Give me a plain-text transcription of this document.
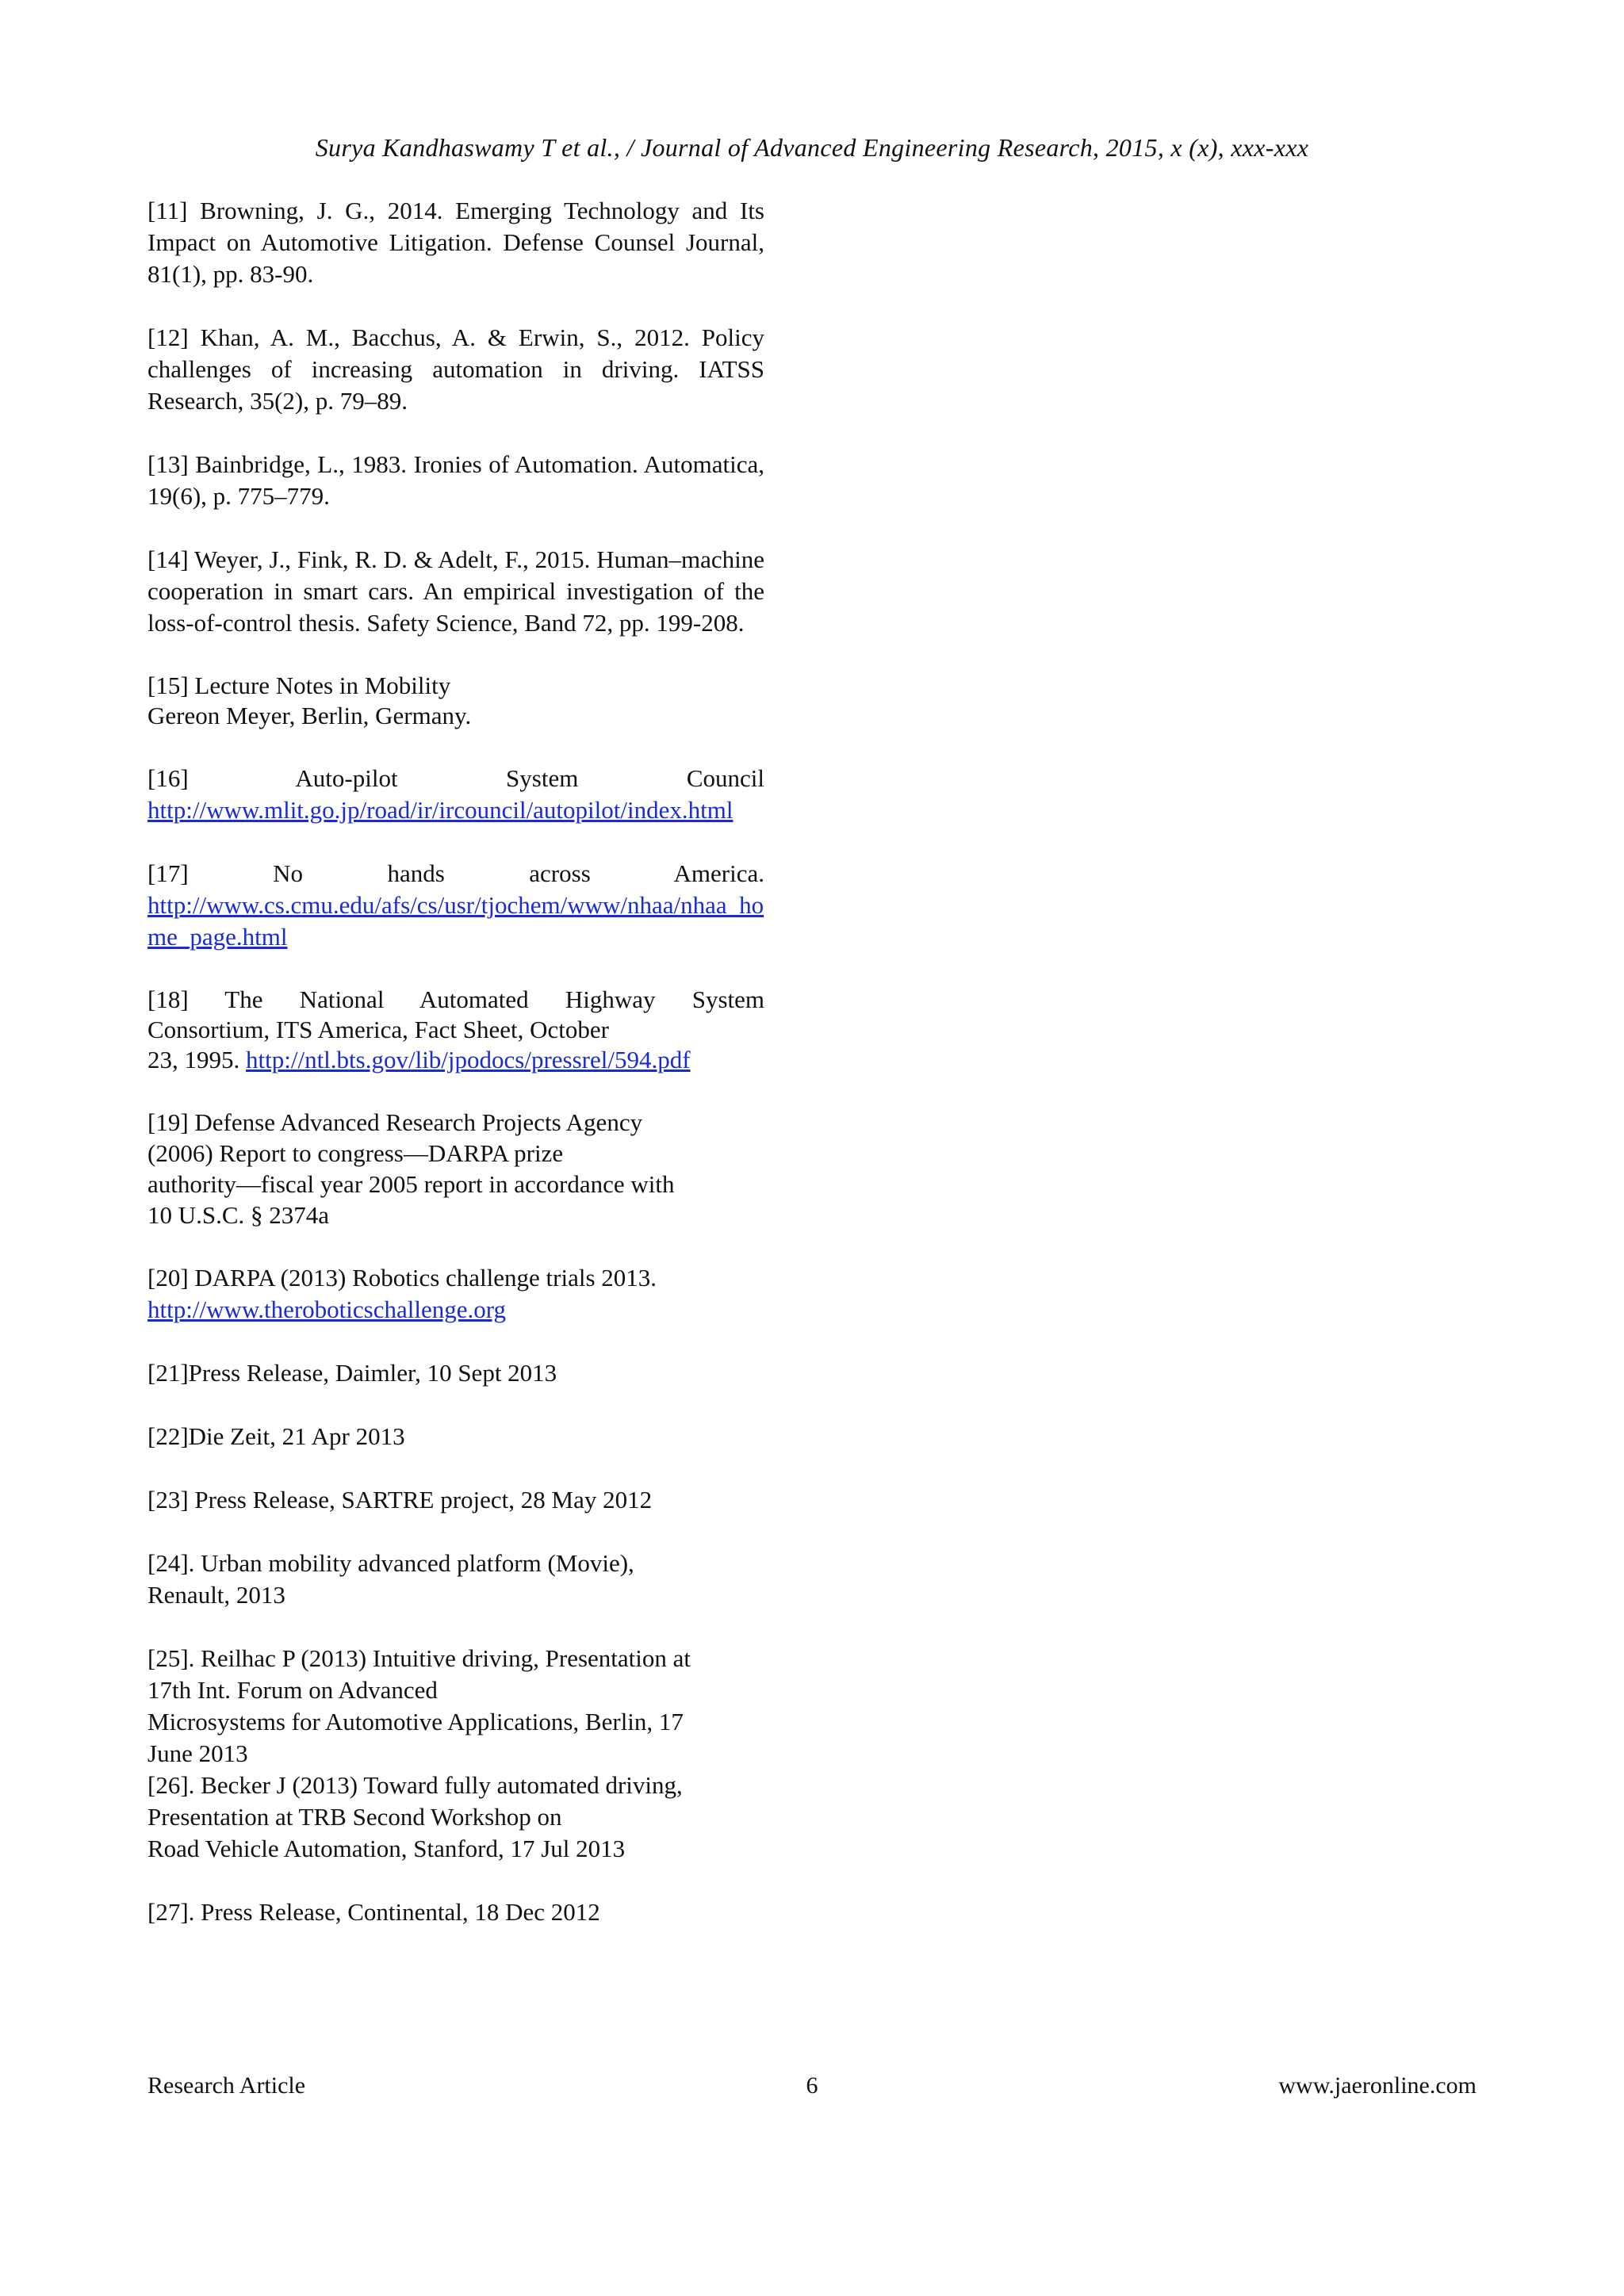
Surya Kandhaswamy T et al., / Journal of Advanced Engineering Research, 2015, x (x), xxx-xxx
[11] Browning, J. G., 2014. Emerging Technology and Its Impact on Automotive Litigation. Defense Counsel Journal, 81(1), pp. 83-90.
[12] Khan, A. M., Bacchus, A. & Erwin, S., 2012. Policy challenges of increasing automation in driving. IATSS Research, 35(2), p. 79–89.
[13] Bainbridge, L., 1983. Ironies of Automation. Automatica, 19(6), p. 775–779.
[14] Weyer, J., Fink, R. D. & Adelt, F., 2015. Human–machine cooperation in smart cars. An empirical investigation of the loss-of-control thesis. Safety Science, Band 72, pp. 199-208.
[15] Lecture Notes in Mobility
Gereon Meyer, Berlin, Germany.
[16] Auto-pilot System Council
http://www.mlit.go.jp/road/ir/ircouncil/autopilot/index.html
[17] No hands across America.
http://www.cs.cmu.edu/afs/cs/usr/tjochem/www/nhaa/nhaa_home_page.html
[18] The National Automated Highway System
Consortium, ITS America, Fact Sheet, October
23, 1995. http://ntl.bts.gov/lib/jpodocs/pressrel/594.pdf
[19] Defense Advanced Research Projects Agency
(2006) Report to congress—DARPA prize
authority—fiscal year 2005 report in accordance with
10 U.S.C. § 2374a
[20] DARPA (2013) Robotics challenge trials 2013.
http://www.theroboticschallenge.org
[21]Press Release, Daimler, 10 Sept 2013
[22]Die Zeit, 21 Apr 2013
[23] Press Release, SARTRE project, 28 May 2012
[24]. Urban mobility advanced platform (Movie),
Renault, 2013
[25]. Reilhac P (2013) Intuitive driving, Presentation at
17th Int. Forum on Advanced
Microsystems for Automotive Applications, Berlin, 17
June 2013
[26]. Becker J (2013) Toward fully automated driving,
Presentation at TRB Second Workshop on
Road Vehicle Automation, Stanford, 17 Jul 2013
[27]. Press Release, Continental, 18 Dec 2012
Research Article	6	www.jaeronline.com
